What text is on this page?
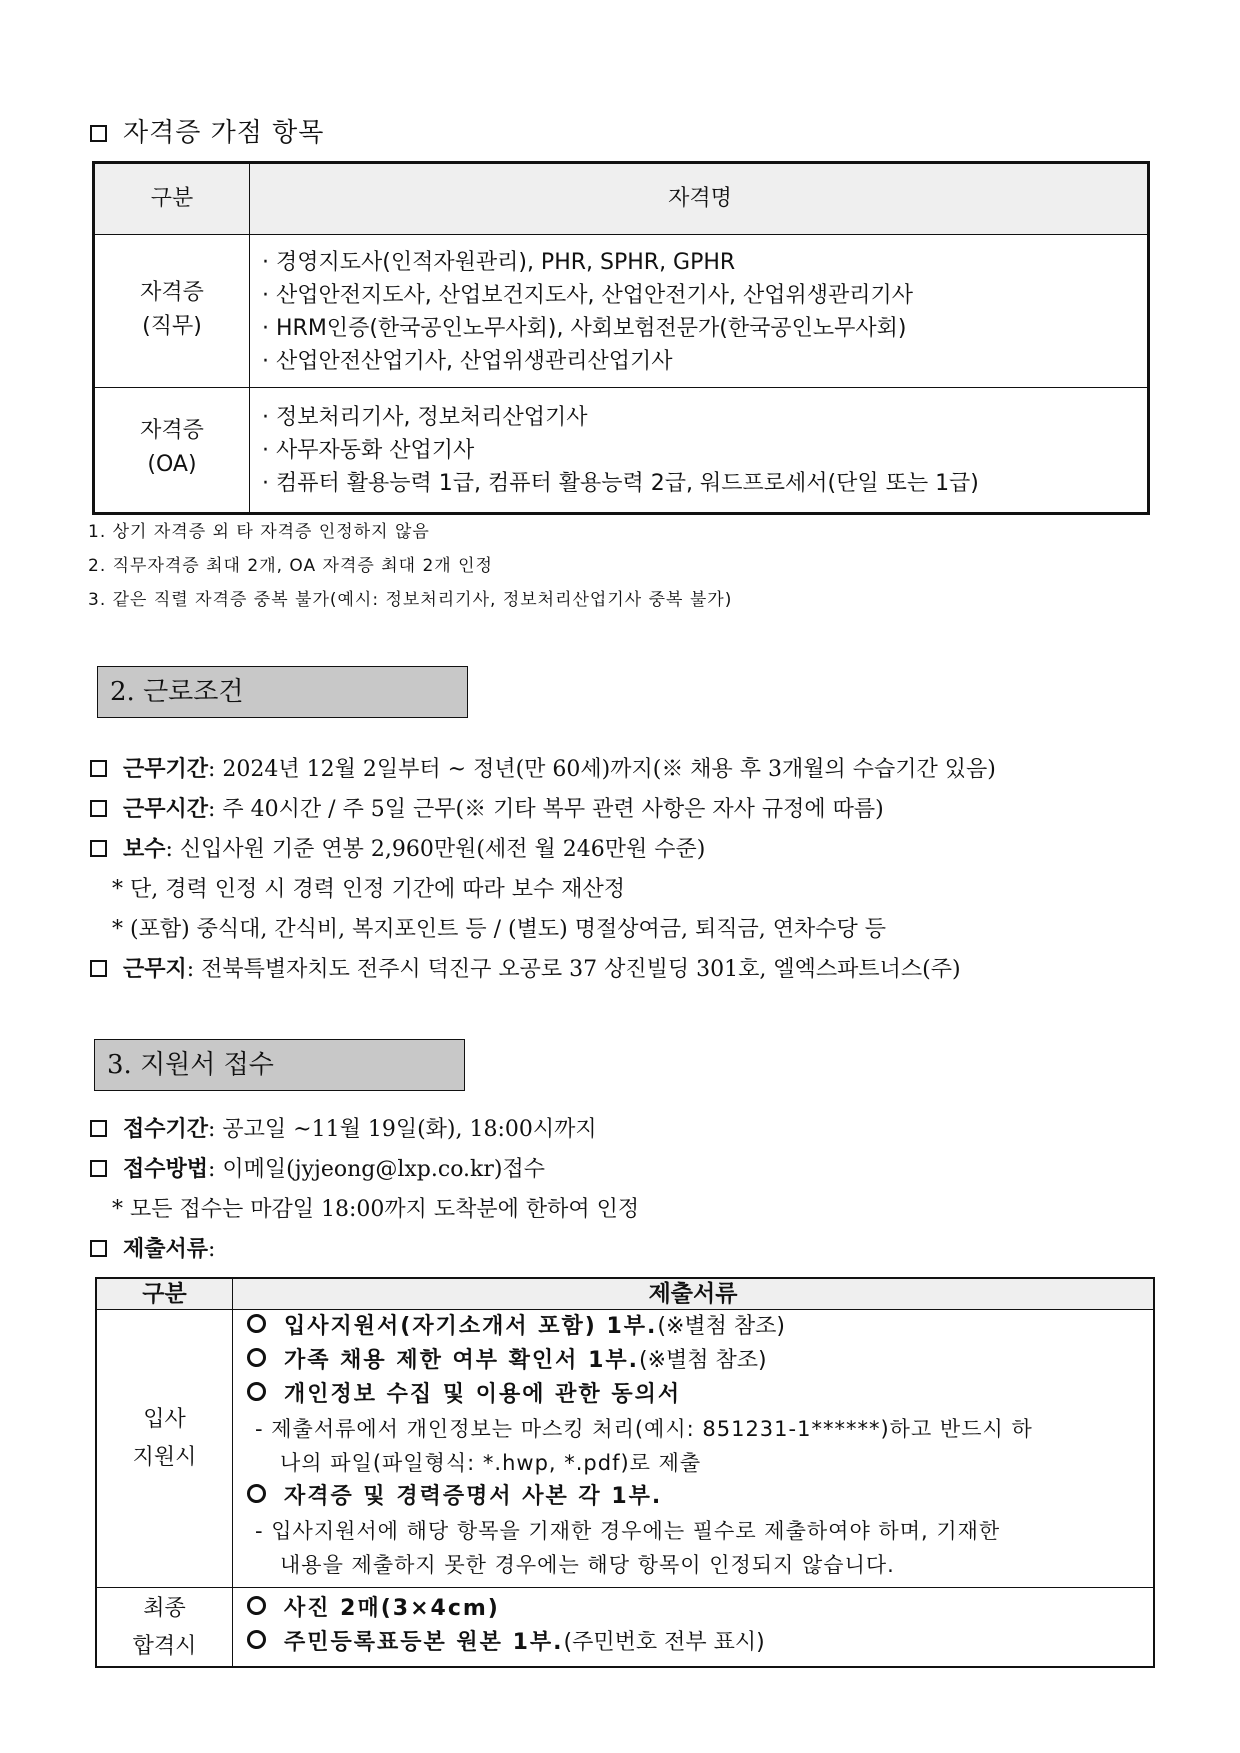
자격증 가점 항목
구분	자격명
자격증
(직무)
· 경영지도사(인적자원관리), PHR, SPHR, GPHR
· 산업안전지도사, 산업보건지도사, 산업안전기사, 산업위생관리기사
· HRM인증(한국공인노무사회), 사회보험전문가(한국공인노무사회)
· 산업안전산업기사, 산업위생관리산업기사
자격증
(OA)
· 정보처리기사, 정보처리산업기사
· 사무자동화 산업기사
· 컴퓨터 활용능력 1급, 컴퓨터 활용능력 2급, 워드프로세서(단일 또는 1급)
1. 상기 자격증 외 타 자격증 인정하지 않음
2. 직무자격증 최대 2개, OA 자격증 최대 2개 인정
3. 같은 직렬 자격증 중복 불가(예시: 정보처리기사, 정보처리산업기사 중복 불가)
2. 근로조건
근무기간: 2024년 12월 2일부터 ~ 정년(만 60세)까지(※ 채용 후 3개월의 수습기간 있음)
근무시간: 주 40시간 / 주 5일 근무(※ 기타 복무 관련 사항은 자사 규정에 따름)
보수: 신입사원 기준 연봉 2,960만원(세전 월 246만원 수준)
* 단, 경력 인정 시 경력 인정 기간에 따라 보수 재산정
* (포함) 중식대, 간식비, 복지포인트 등 / (별도) 명절상여금, 퇴직금, 연차수당 등
근무지: 전북특별자치도 전주시 덕진구 오공로 37 상진빌딩 301호, 엘엑스파트너스(주)
3. 지원서 접수
접수기간: 공고일 ~11월 19일(화), 18:00시까지
접수방법: 이메일(jyjeong@lxp.co.kr)접수
* 모든 접수는 마감일 18:00까지 도착분에 한하여 인정
제출서류:
구분	제출서류
입사
지원시
입사지원서(자기소개서 포함) 1부.(※별첨 참조)
가족 채용 제한 여부 확인서 1부.(※별첨 참조)
개인정보 수집 및 이용에 관한 동의서
- 제출서류에서 개인정보는 마스킹 처리(예시: 851231-1******)하고 반드시 하
나의 파일(파일형식: *.hwp, *.pdf)로 제출
자격증 및 경력증명서 사본 각 1부.
- 입사지원서에 해당 항목을 기재한 경우에는 필수로 제출하여야 하며, 기재한
내용을 제출하지 못한 경우에는 해당 항목이 인정되지 않습니다.
최종
합격시
사진 2매(3×4cm)
주민등록표등본 원본 1부.(주민번호 전부 표시)
